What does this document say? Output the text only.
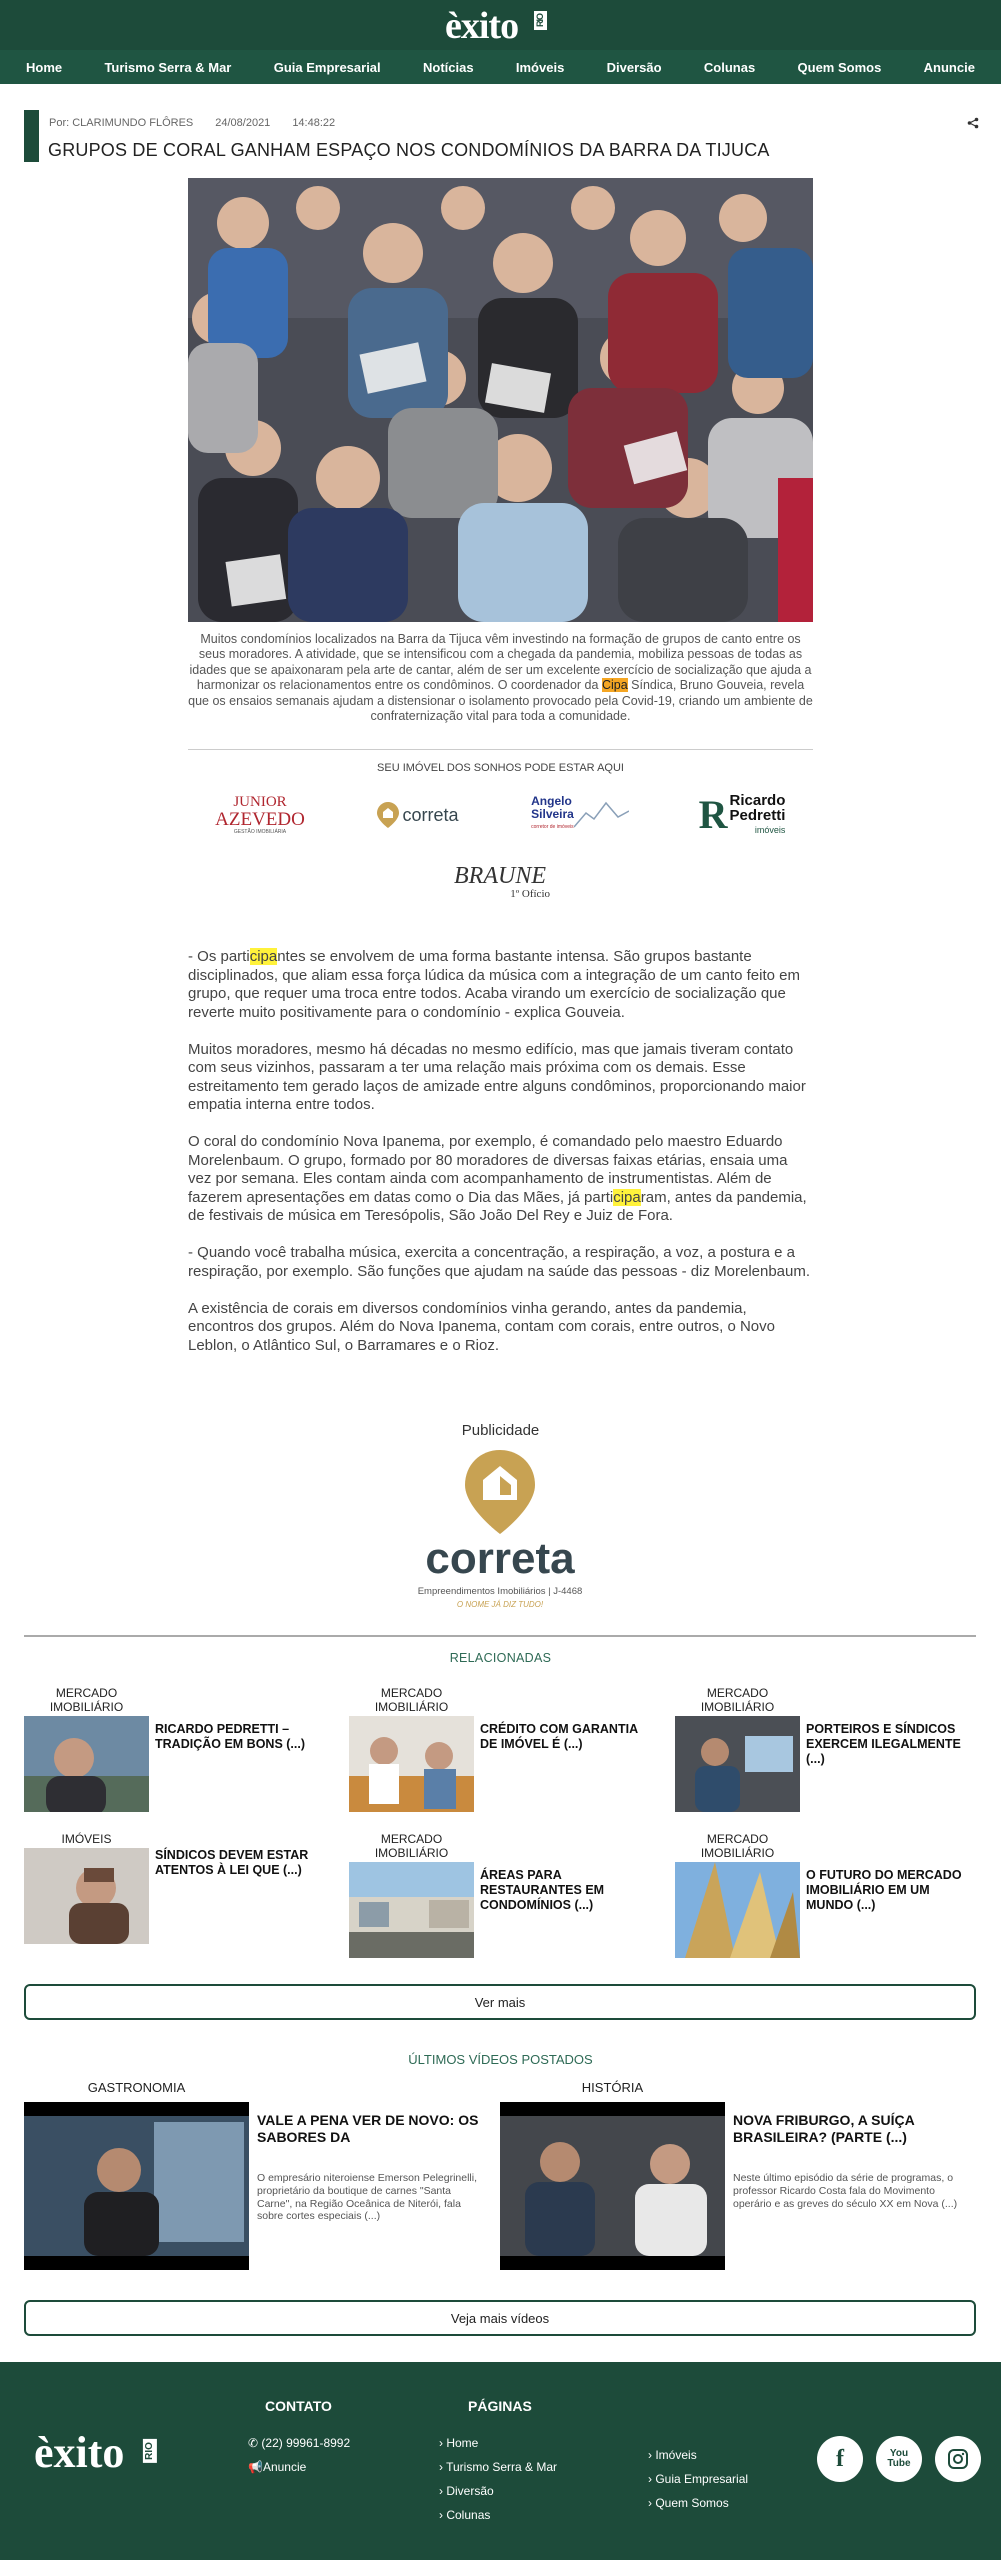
èxito RIO
Home	Turismo Serra & Mar	Guia Empresarial	Notícias	Imóveis	Diversão	Colunas	Quem Somos	Anuncie
Por: CLARIMUNDO FLÔRES 24/08/2021 14:48:22
GRUPOS DE CORAL GANHAM ESPAÇO NOS CONDOMÍNIOS DA BARRA DA TIJUCA

Muitos condomínios localizados na Barra da Tijuca vêm investindo na formação de grupos de canto entre os seus moradores. A atividade, que se intensificou com a chegada da pandemia, mobiliza pessoas de todas as idades que se apaixonaram pela arte de cantar, além de ser um excelente exercício de socialização que ajuda a harmonizar os relacionamentos entre os condôminos. O coordenador da Cipa Síndica, Bruno Gouveia, revela que os ensaios semanais ajudam a distensionar o isolamento provocado pela Covid-19, criando um ambiente de confraternização vital para toda a comunidade.

SEU IMÓVEL DOS SONHOS PODE ESTAR AQUI
JUNIOR
AZEVEDO
GESTÃO IMOBILIÁRIA
correta
Angelo
Silveira
corretor de imóveis	R Ricardo
Pedretti
imóveis
BRAUNE
1º Ofício

- Os participantes se envolvem de uma forma bastante intensa. São grupos bastante disciplinados, que aliam essa força lúdica da música com a integração de um canto feito em grupo, que requer uma troca entre todos. Acaba virando um exercício de socialização que reverte muito positivamente para o condomínio - explica Gouveia.

Muitos moradores, mesmo há décadas no mesmo edifício, mas que jamais tiveram contato com seus vizinhos, passaram a ter uma relação mais próxima com os demais. Esse estreitamento tem gerado laços de amizade entre alguns condôminos, proporcionando maior empatia interna entre todos.

O coral do condomínio Nova Ipanema, por exemplo, é comandado pelo maestro Eduardo Morelenbaum. O grupo, formado por 80 moradores de diversas faixas etárias, ensaia uma vez por semana. Eles contam ainda com acompanhamento de instrumentistas. Além de fazerem apresentações em datas como o Dia das Mães, já participaram, antes da pandemia, de festivais de música em Teresópolis, São João Del Rey e Juiz de Fora.

- Quando você trabalha música, exercita a concentração, a respiração, a voz, a postura e a respiração, por exemplo. São funções que ajudam na saúde das pessoas - diz Morelenbaum.

A existência de corais em diversos condomínios vinha gerando, antes da pandemia, encontros dos grupos. Além do Nova Ipanema, contam com corais, entre outros, o Novo Leblon, o Atlântico Sul, o Barramares e o Rioz.

Publicidade
correta
Empreendimentos Imobiliários | J-4468
O NOME JÁ DIZ TUDO!
RELACIONADAS
MERCADO IMOBILIÁRIO
RICARDO PEDRETTI – TRADIÇÃO EM BONS (...)
MERCADO IMOBILIÁRIO
CRÉDITO COM GARANTIA DE IMÓVEL É (...)
MERCADO IMOBILIÁRIO
PORTEIROS E SÍNDICOS EXERCEM ILEGALMENTE (...)
IMÓVEIS
SÍNDICOS DEVEM ESTAR ATENTOS À LEI QUE (...)
MERCADO IMOBILIÁRIO
ÁREAS PARA RESTAURANTES EM CONDOMÍNIOS (...)
MERCADO IMOBILIÁRIO
O FUTURO DO MERCADO IMOBILIÁRIO EM UM MUNDO (...)
Ver mais
ÚLTIMOS VÍDEOS POSTADOS
GASTRONOMIA
VALE A PENA VER DE NOVO: OS SABORES DA
O empresário niteroiense Emerson Pelegrinelli, proprietário da boutique de carnes "Santa Carne", na Região Oceânica de Niterói, fala sobre cortes especiais (...)
HISTÓRIA
NOVA FRIBURGO, A SUÍÇA BRASILEIRA? (PARTE (...)
Neste último episódio da série de programas, o professor Ricardo Costa fala do Movimento operário e as greves do século XX em Nova (...)
Veja mais vídeos
èxito RIO
CONTATO
✆ (22) 99961-8992
📢Anuncie
PÁGINAS
› Home
› Turismo Serra & Mar
› Diversão
› Colunas
› Imóveis
› Guia Empresarial
› Quem Somos
f	You Tube
